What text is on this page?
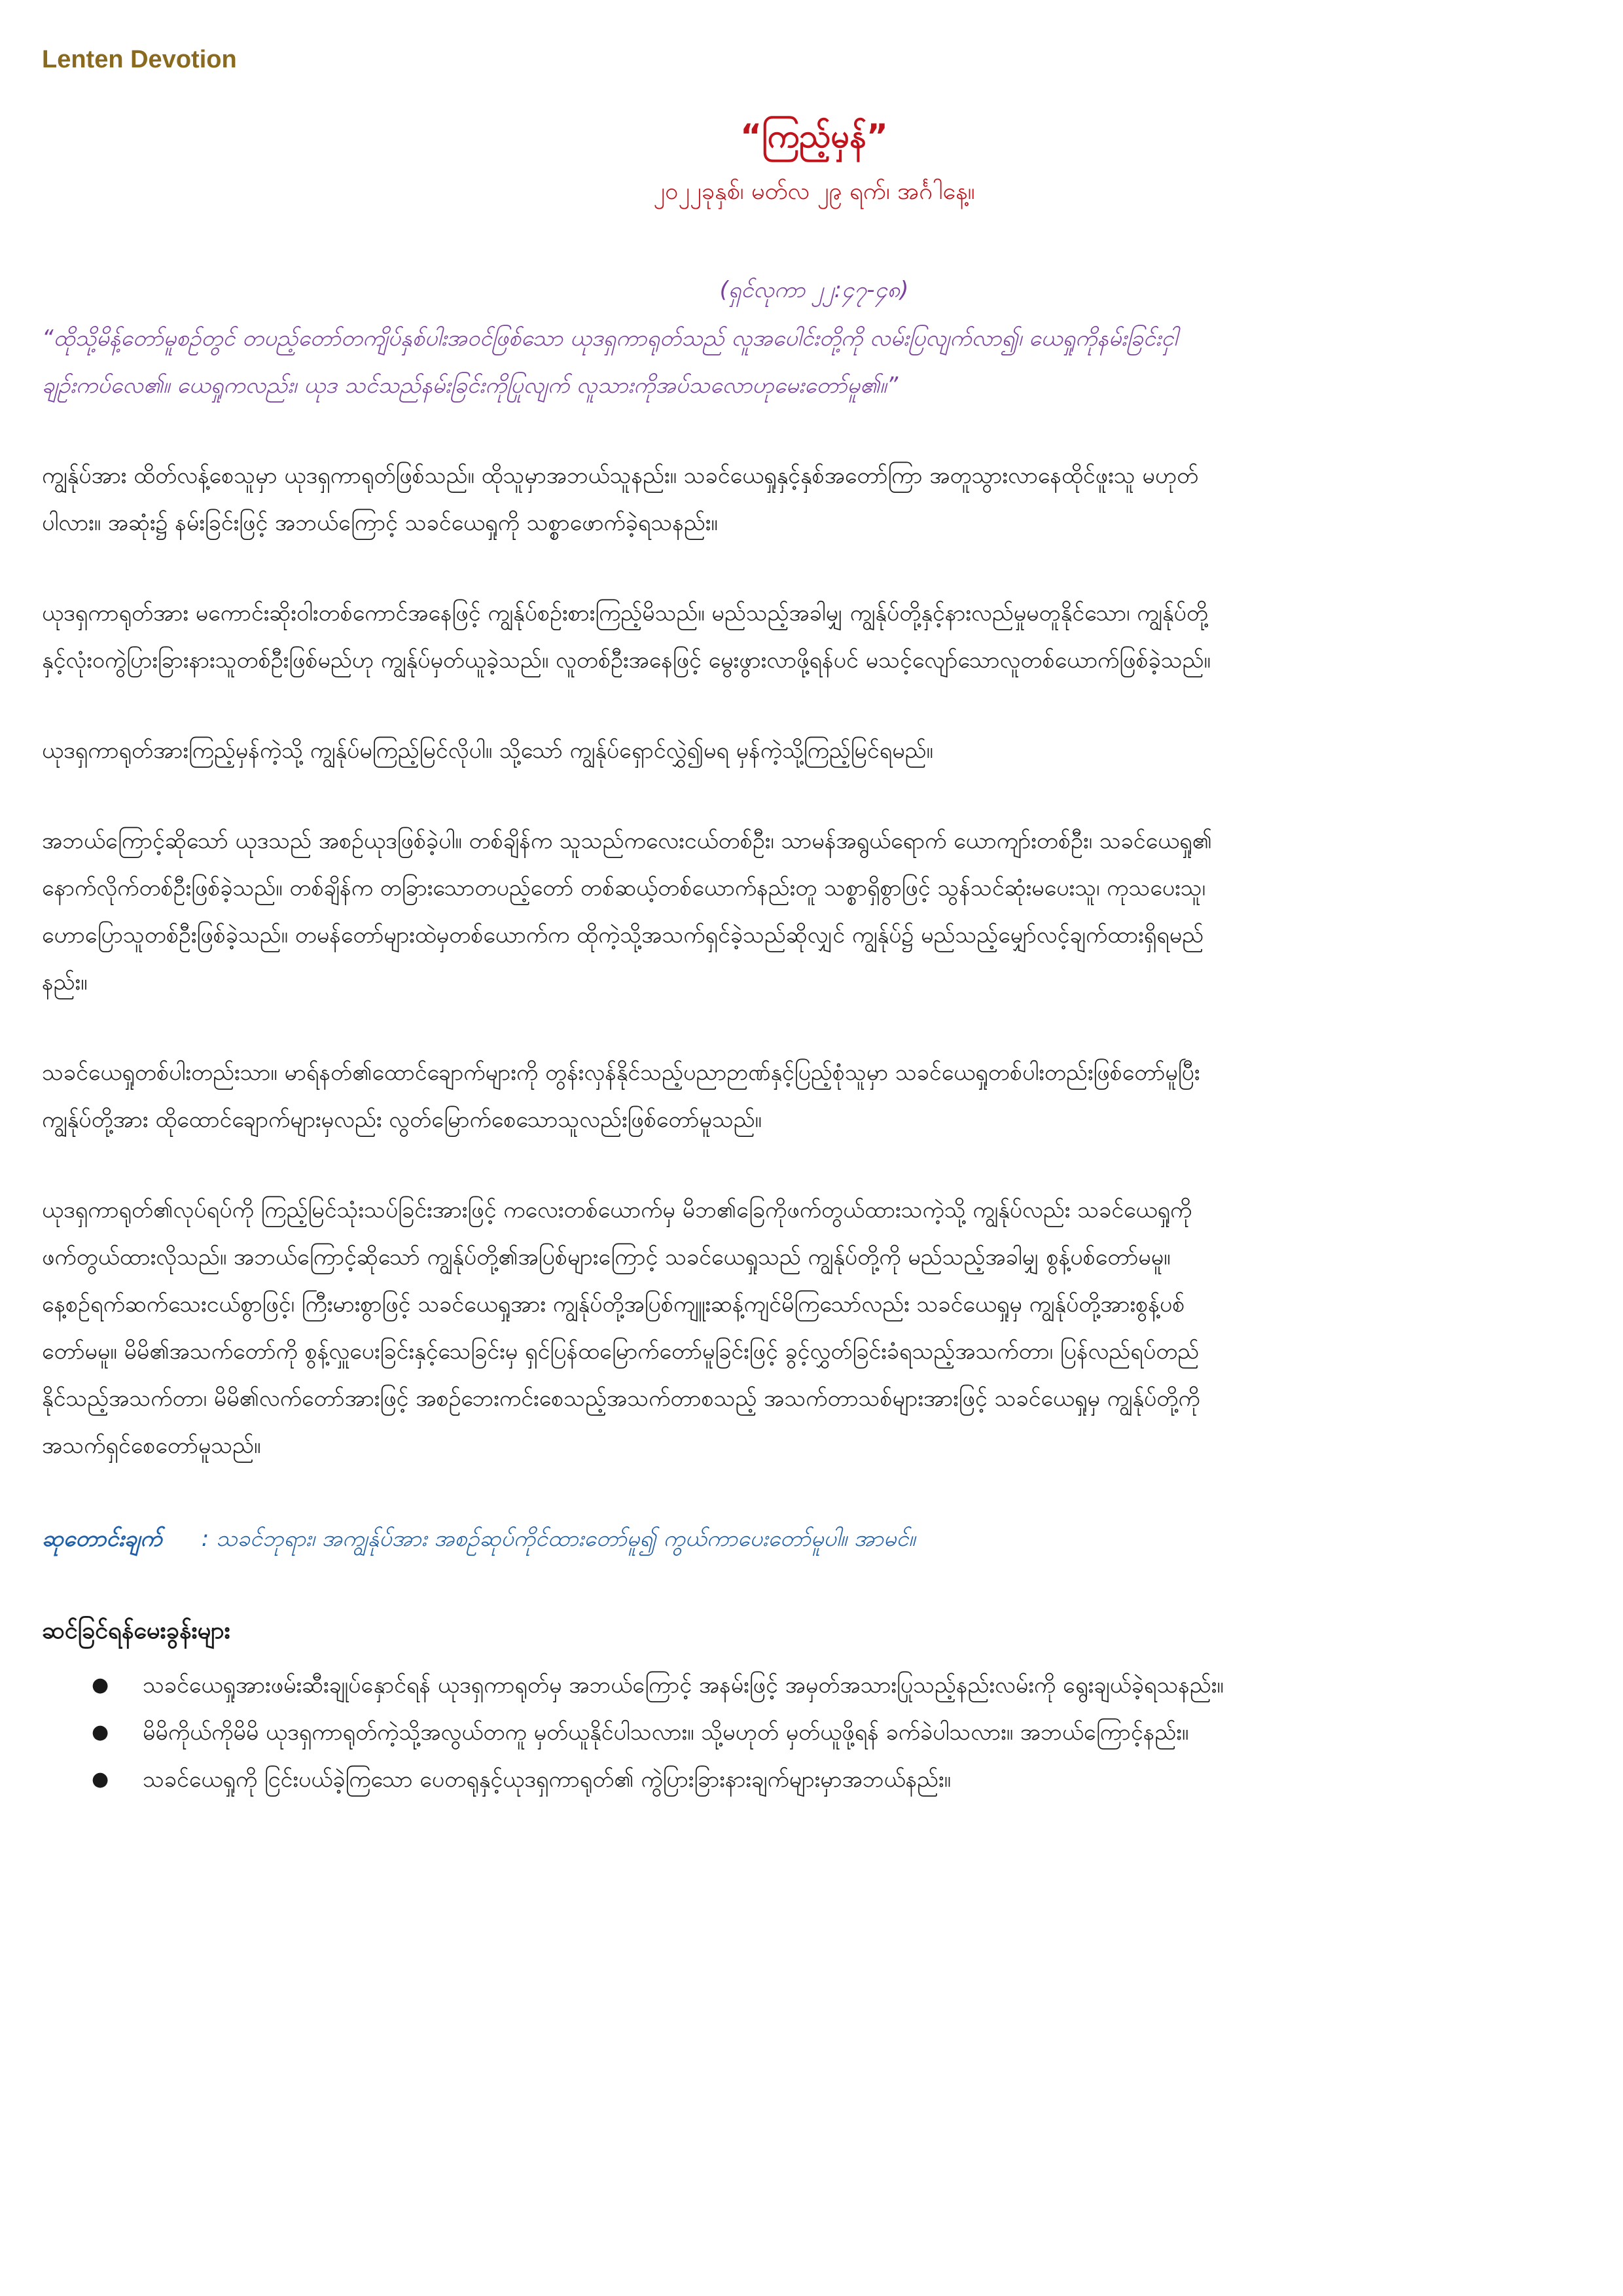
Lenten Devotion
“ကြည့်မှန်”
၂၀၂၂ခုနှစ်၊ မတ်လ ၂၉ ရက်၊ အင်္ဂါနေ့။
(ရှင်လုကာ ၂၂:၄၇-၄၈)
“ထိုသို့မိန့်တော်မူစဉ်တွင် တပည့်တော်တကျိပ်နှစ်ပါးအဝင်ဖြစ်သော ယုဒရှကာရုတ်သည် လူအပေါင်းတို့ကို လမ်းပြလျက်လာ၍၊ ယေရှုကိုနမ်းခြင်းငှါ
ချဉ်းကပ်လေ၏။ ယေရှုကလည်း၊ ယုဒ သင်သည်နမ်းခြင်းကိုပြုလျက် လူသားကိုအပ်သလောဟုမေးတော်မူ၏။”
ကျွန်ုပ်အား ထိတ်လန့်စေသူမှာ ယုဒရှကာရုတ်ဖြစ်သည်။ ထိုသူမှာအဘယ်သူနည်း။ သခင်ယေရှုနှင့်နှစ်အတော်ကြာ အတူသွားလာနေထိုင်ဖူးသူ မဟုတ်
ပါလား။ အဆုံး၌ နမ်းခြင်းဖြင့် အဘယ်ကြောင့် သခင်ယေရှုကို သစ္စာဖောက်ခဲ့ရသနည်း။
ယုဒရှကာရုတ်အား မကောင်းဆိုးဝါးတစ်ကောင်အနေဖြင့် ကျွန်ုပ်စဉ်းစားကြည့်မိသည်။ မည်သည့်အခါမျှ ကျွန်ုပ်တို့နှင့်နားလည်မှုမတူနိုင်သော၊ ကျွန်ုပ်တို့
နှင့်လုံးဝကွဲပြားခြားနားသူတစ်ဦးဖြစ်မည်ဟု ကျွန်ုပ်မှတ်ယူခဲ့သည်။ လူတစ်ဦးအနေဖြင့် မွေးဖွားလာဖို့ရန်ပင် မသင့်လျော်သောလူတစ်ယောက်ဖြစ်ခဲ့သည်။
ယုဒရှကာရုတ်အားကြည့်မှန်ကဲ့သို့ ကျွန်ုပ်မကြည့်မြင်လိုပါ။ သို့သော် ကျွန်ုပ်ရှောင်လွှဲ၍မရ မှန်ကဲ့သို့ကြည့်မြင်ရမည်။
အဘယ်ကြောင့်ဆိုသော် ယုဒသည် အစဉ်ယုဒဖြစ်ခဲ့ပါ။ တစ်ချိန်က သူသည်ကလေးငယ်တစ်ဦး၊ သာမန်အရွယ်ရောက် ယောကျာ်းတစ်ဦး၊ သခင်ယေရှု၏
နောက်လိုက်တစ်ဦးဖြစ်ခဲ့သည်။ တစ်ချိန်က တခြားသောတပည့်တော် တစ်ဆယ့်တစ်ယောက်နည်းတူ သစ္စာရှိစွာဖြင့် သွန်သင်ဆုံးမပေးသူ၊ ကုသပေးသူ၊
ဟောပြောသူတစ်ဦးဖြစ်ခဲ့သည်။ တမန်တော်များထဲမှတစ်ယောက်က ထိုကဲ့သို့အသက်ရှင်ခဲ့သည်ဆိုလျှင် ကျွန်ုပ်၌ မည်သည့်မျှော်လင့်ချက်ထားရှိရမည်
နည်း။
သခင်ယေရှုတစ်ပါးတည်းသာ။ မာရ်နတ်၏ထောင်ချောက်များကို တွန်းလှန်နိုင်သည့်ပညာဉာဏ်နှင့်ပြည့်စုံသူမှာ သခင်ယေရှုတစ်ပါးတည်းဖြစ်တော်မူပြီး
ကျွန်ုပ်တို့အား ထိုထောင်ချောက်များမှလည်း လွတ်မြောက်စေသောသူလည်းဖြစ်တော်မူသည်။
ယုဒရှကာရုတ်၏လုပ်ရပ်ကို ကြည့်မြင်သုံးသပ်ခြင်းအားဖြင့် ကလေးတစ်ယောက်မှ မိဘ၏ခြေကိုဖက်တွယ်ထားသကဲ့သို့ ကျွန်ုပ်လည်း သခင်ယေရှုကို
ဖက်တွယ်ထားလိုသည်။ အဘယ်ကြောင့်ဆိုသော် ကျွန်ုပ်တို့၏အပြစ်များကြောင့် သခင်ယေရှုသည် ကျွန်ုပ်တို့ကို မည်သည့်အခါမျှ စွန့်ပစ်တော်မမူ။
နေ့စဉ်ရက်ဆက်သေးငယ်စွာဖြင့်၊ ကြီးမားစွာဖြင့် သခင်ယေရှုအား ကျွန်ုပ်တို့အပြစ်ကျူးဆန့်ကျင်မိကြသော်လည်း သခင်ယေရှုမှ ကျွန်ုပ်တို့အားစွန့်ပစ်
တော်မမူ။ မိမိ၏အသက်တော်ကို စွန့်လှူပေးခြင်းနှင့်သေခြင်းမှ ရှင်ပြန်ထမြောက်တော်မူခြင်းဖြင့် ခွင့်လွှတ်ခြင်းခံရသည့်အသက်တာ၊ ပြန်လည်ရပ်တည်
နိုင်သည့်အသက်တာ၊ မိမိ၏လက်တော်အားဖြင့် အစဉ်ဘေးကင်းစေသည့်အသက်တာစသည့် အသက်တာသစ်များအားဖြင့် သခင်ယေရှုမှ ကျွန်ုပ်တို့ကို
အသက်ရှင်စေတော်မူသည်။
ဆုတောင်းချက် : သခင်ဘုရား၊ အကျွန်ုပ်အား အစဉ်ဆုပ်ကိုင်ထားတော်မူ၍ ကွယ်ကာပေးတော်မူပါ။ အာမင်။
ဆင်ခြင်ရန်မေးခွန်းများ
● သခင်ယေရှုအားဖမ်းဆီးချုပ်နှောင်ရန် ယုဒရှကာရုတ်မှ အဘယ်ကြောင့် အနမ်းဖြင့် အမှတ်အသားပြုသည့်နည်းလမ်းကို ရွေးချယ်ခဲ့ရသနည်း။
● မိမိကိုယ်ကိုမိမိ ယုဒရှကာရုတ်ကဲ့သို့အလွယ်တကူ မှတ်ယူနိုင်ပါသလား။ သို့မဟုတ် မှတ်ယူဖို့ရန် ခက်ခဲပါသလား။ အဘယ်ကြောင့်နည်း။
● သခင်ယေရှုကို ငြင်းပယ်ခဲ့ကြသော ပေတရုနှင့်ယုဒရှကာရုတ်၏ ကွဲပြားခြားနားချက်များမှာအဘယ်နည်း။
